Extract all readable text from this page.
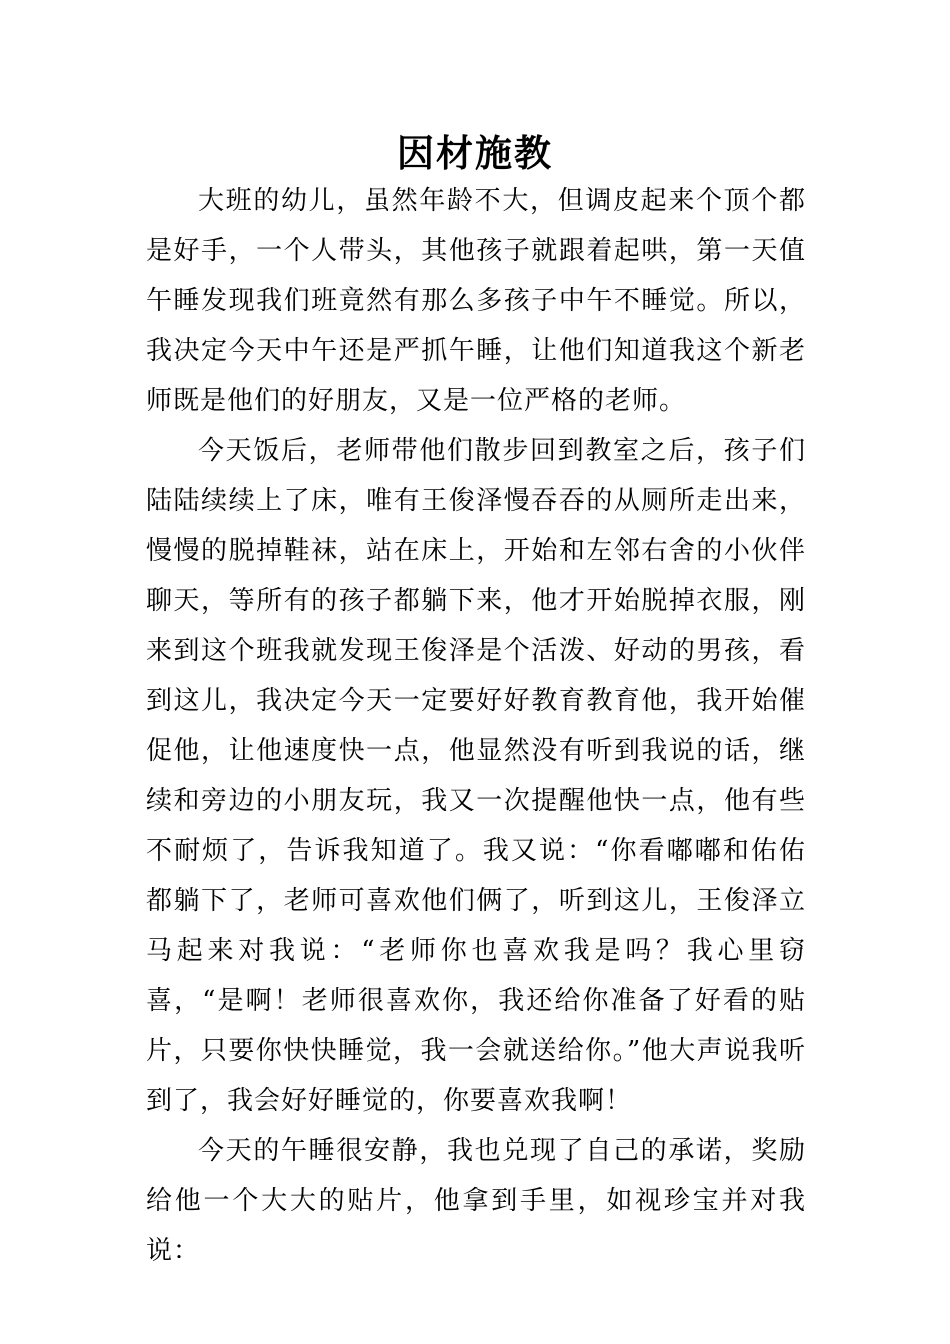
因材施教

大班的幼儿，虽然年龄不大，但调皮起来个顶个都是好手，一个人带头，其他孩子就跟着起哄，第一天值午睡发现我们班竟然有那么多孩子中午不睡觉。所以，我决定今天中午还是严抓午睡，让他们知道我这个新老师既是他们的好朋友，又是一位严格的老师。

今天饭后，老师带他们散步回到教室之后，孩子们陆陆续续上了床，唯有王俊泽慢吞吞的从厕所走出来，慢慢的脱掉鞋袜，站在床上，开始和左邻右舍的小伙伴聊天，等所有的孩子都躺下来，他才开始脱掉衣服，刚来到这个班我就发现王俊泽是个活泼、好动的男孩，看到这儿，我决定今天一定要好好教育教育他，我开始催促他，让他速度快一点，他显然没有听到我说的话，继续和旁边的小朋友玩，我又一次提醒他快一点，他有些不耐烦了，告诉我知道了。我又说：“你看嘟嘟和佑佑都躺下了，老师可喜欢他们俩了，听到这儿，王俊泽立马起来对我说：“老师你也喜欢我是吗？我心里窃喜，“是啊！老师很喜欢你，我还给你准备了好看的贴片，只要你快快睡觉，我一会就送给你。”他大声说我听到了，我会好好睡觉的，你要喜欢我啊！

今天的午睡很安静，我也兑现了自己的承诺，奖励给他一个大大的贴片，他拿到手里，如视珍宝并对我说：
